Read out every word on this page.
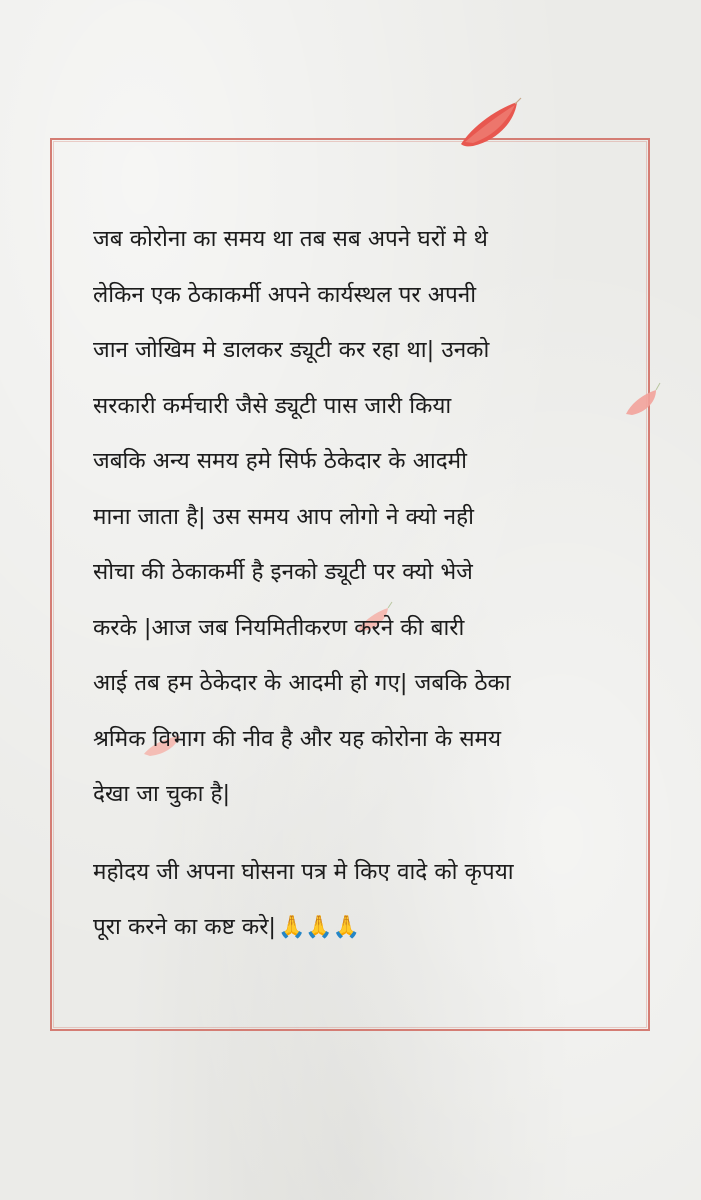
जब कोरोना का समय था तब सब अपने घरों मे थे
लेकिन एक ठेकाकर्मी अपने कार्यस्थल पर अपनी
जान जोखिम मे डालकर ड्यूटी कर रहा था| उनको
सरकारी कर्मचारी जैसे ड्यूटी पास जारी किया
जबकि अन्य समय हमे सिर्फ ठेकेदार के आदमी
माना जाता है| उस समय आप लोगो ने क्यो नही
सोचा की ठेकाकर्मी है इनको ड्यूटी पर क्यो भेजे
करके |आज जब नियमितीकरण करने की बारी
आई तब हम ठेकेदार के आदमी हो गए| जबकि ठेका
श्रमिक विभाग की नीव है और यह कोरोना के समय
देखा जा चुका है|
महोदय जी अपना घोसना पत्र मे किए वादे को कृपया
पूरा करने का कष्ट करे|🙏🙏🙏
